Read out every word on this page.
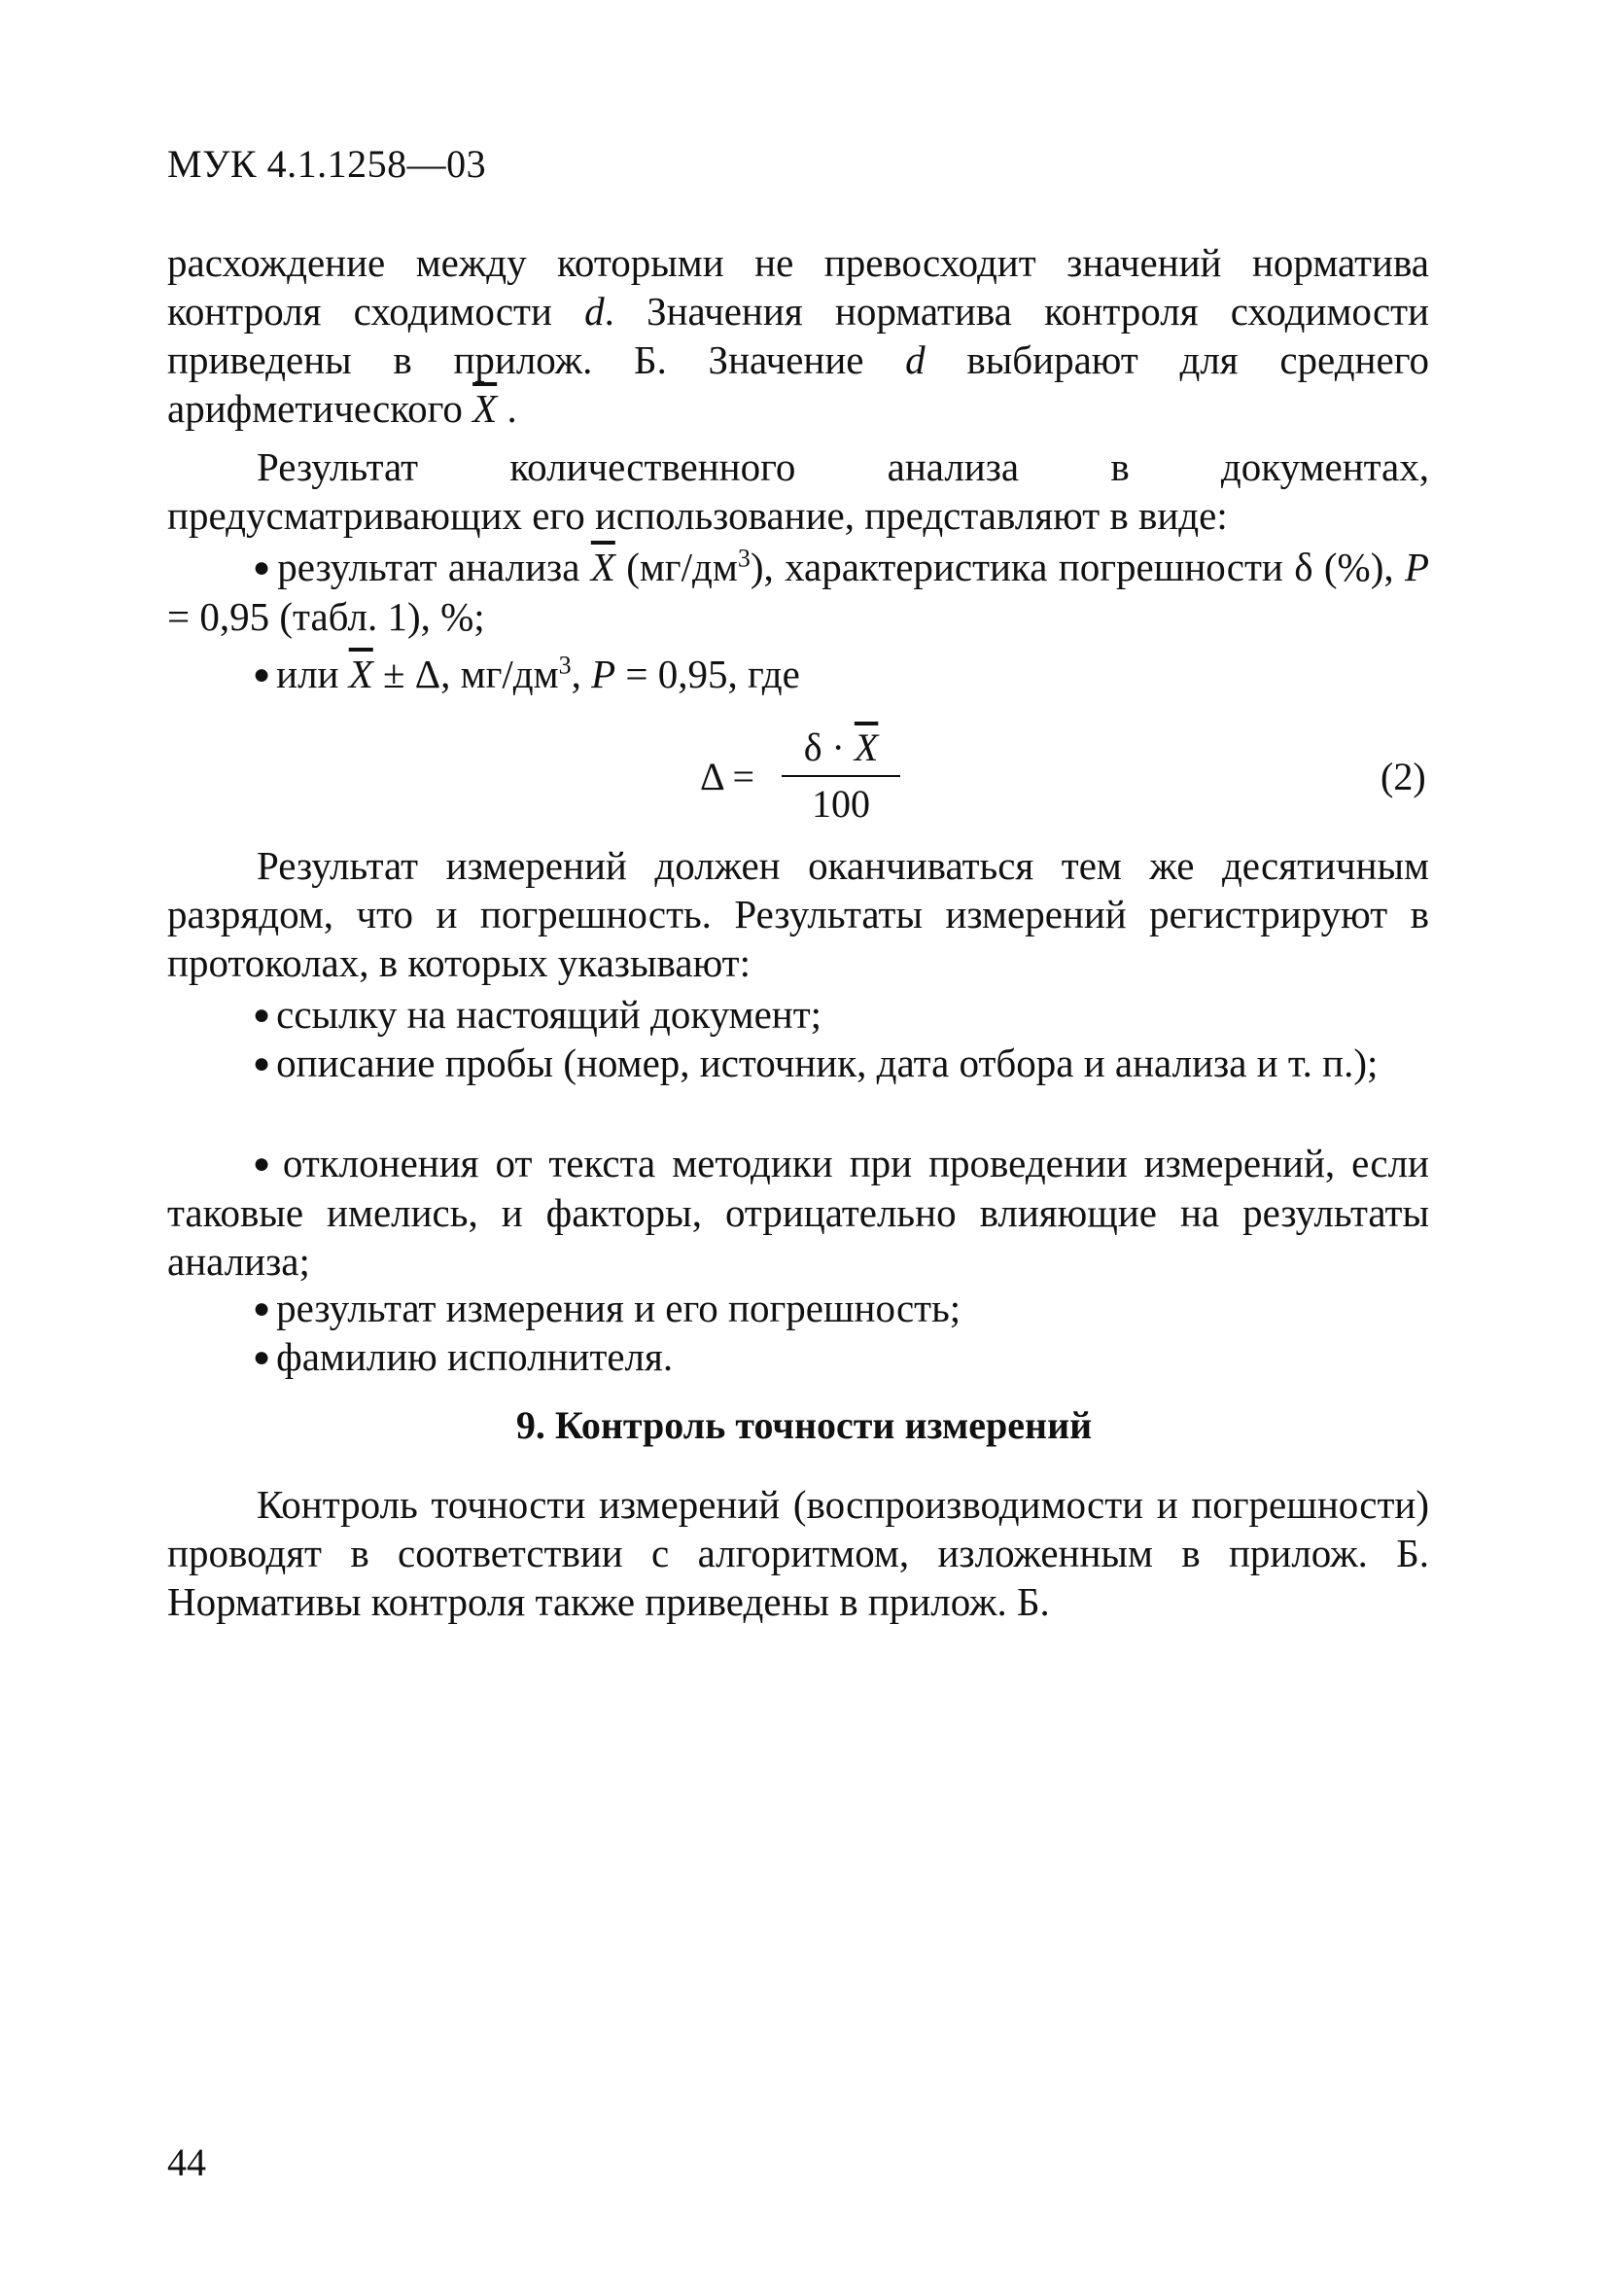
МУК 4.1.1258—03

расхождение между которыми не превосходит значений норматива контроля сходимости d. Значения норматива контроля сходимости приведены в прилож. Б. Значение d выбирают для среднего арифметического $\overline{X}$ .

Результат количественного анализа в документах, предусматривающих его использование, представляют в виде:

● результат анализа $\overline{X}$ $(мг/дм^3)$, характеристика погрешности δ (%), P = 0,95 (табл. 1), %;

● или $\overline{X} \pm \Delta$, $мг/дм^3$, P = 0,95, где

Δ =
$\delta \cdot \overline{X}$
100
(2)

Результат измерений должен оканчиваться тем же десятичным разрядом, что и погрешность. Результаты измерений регистрируют в протоколах, в которых указывают:

● ссылку на настоящий документ;

● описание пробы (номер, источник, дата отбора и анализа и т. п.);

● отклонения от текста методики при проведении измерений, если таковые имелись, и факторы, отрицательно влияющие на результаты анализа;

● результат измерения и его погрешность;

● фамилию исполнителя.

9. Контроль точности измерений

Контроль точности измерений (воспроизводимости и погрешности) проводят в соответствии с алгоритмом, изложенным в прилож. Б. Нормативы контроля также приведены в прилож. Б.

44
